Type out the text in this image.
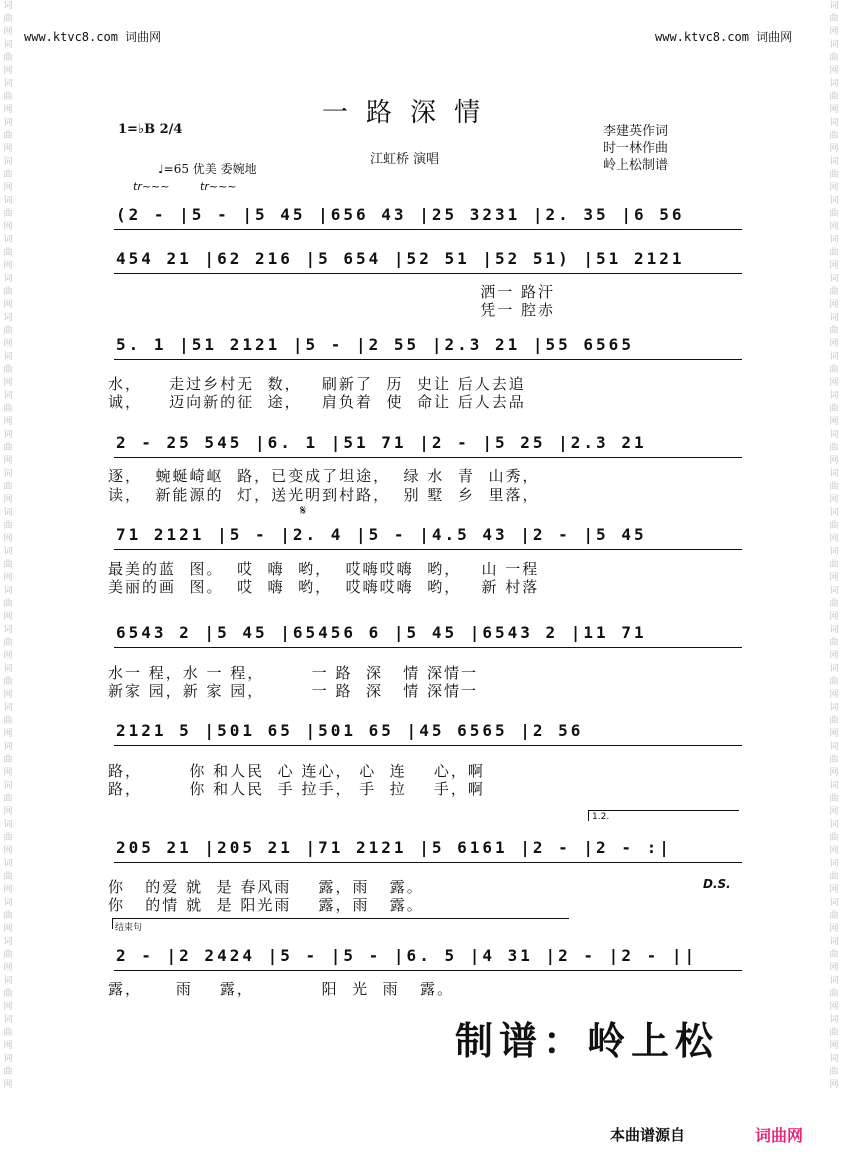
词曲网词曲网词曲网词曲网词曲网词曲网词曲网词曲网词曲网词曲网词曲网词曲网词曲网词曲网词曲网词曲网词曲网词曲网词曲网词曲网词曲网词曲网词曲网词曲网词曲网词曲网词曲网词曲网
词曲网词曲网词曲网词曲网词曲网词曲网词曲网词曲网词曲网词曲网词曲网词曲网词曲网词曲网词曲网词曲网词曲网词曲网词曲网词曲网词曲网词曲网词曲网词曲网词曲网词曲网词曲网词曲网
www.ktvc8.com 词曲网	www.ktvc8.com 词曲网
一路深情
1=♭B 2/4
♩=65 优美 委婉地
江虹桥 演唱
李建英作词
时一林作曲
岭上松制谱
tr~~~	tr~~~
(2 - |5 - |5 45 |656 43 |25 3231 |2. 35 |6 56
454 21 |62 216 |5 654 |52 51 |52 51) |51 2121
洒一 路汗
凭一 腔赤
5. 1 |51 2121 |5 - |2 55 |2.3 21 |55 6565
水，    走过乡村无  数，   刷新了  历  史让 后人去追
诚，    迈向新的征  途，   肩负着  使  命让 后人去品
2 - 25 545 |6. 1 |51 71 |2 - |5 25 |2.3 21
逐，  蜿蜒崎岖  路，已变成了坦途，  绿 水  青  山秀，
读，  新能源的  灯，送光明到村路，  别 墅  乡  里落，
𝄋
71 2121 |5 - |2. 4 |5 - |4.5 43 |2 - |5 45
最美的蓝  图。  哎  嗨  哟，  哎嗨哎嗨  哟，   山 一程
美丽的画  图。  哎  嗨  哟，  哎嗨哎嗨  哟，   新 村落
6543 2 |5 45 |65456 6 |5 45 |6543 2 |11 71
水一 程，水 一 程，       一 路  深   情 深情一
新家 园，新 家 园，       一 路  深   情 深情一
2121 5 |501 65 |501 65 |45 6565 |2 56
路，       你 和人民  心 连心， 心  连    心，啊
路，       你 和人民  手 拉手， 手  拉    手，啊
1.2.
205 21 |205 21 |71 2121 |5 6161 |2 - |2 - :|
你   的爱 就  是 春风雨    露，雨   露。
你   的情 就  是 阳光雨    露，雨   露。
D.S.
结束句
2 - |2 2424 |5 - |5 - |6. 5 |4 31 |2 - |2 - ||
露，     雨    露，          阳  光  雨   露。
制谱：岭上松
本曲谱源自	词曲网
